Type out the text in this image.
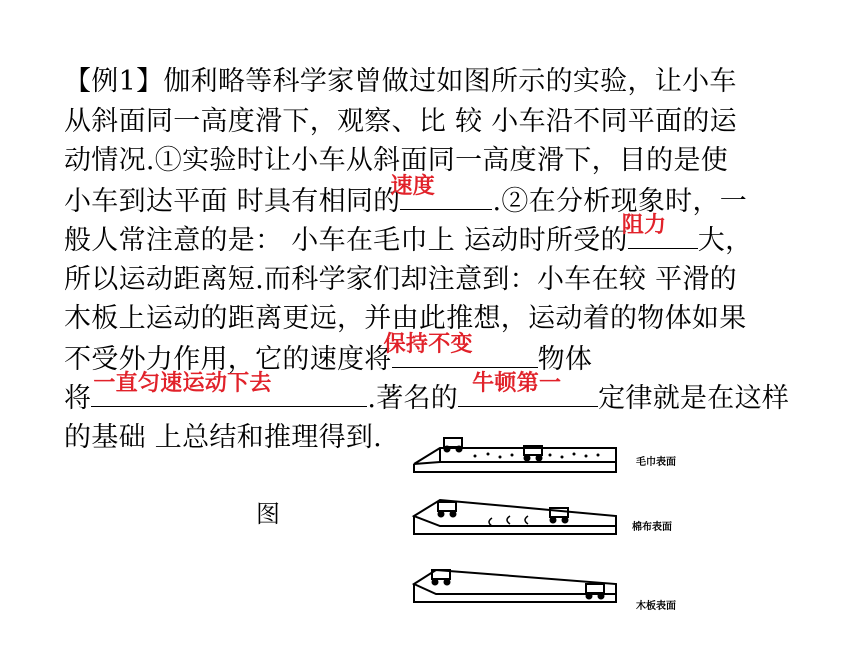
【例1】伽利略等科学家曾做过如图所示的实验，让小车
从斜面同一高度滑下，观察、比 较 小车沿不同平面的运
动情况.①实验时让小车从斜面同一高度滑下，目的是使
小车到达平面 时具有相同的
速度 .②在分析现象时，一
般人常注意的是： 小车在毛巾上 运动时所受的
阻力 大，
所以运动距离短.而科学家们却注意到：小车在较 平滑的
木板上运动的距离更远，并由此推想，运动着的物体如果
不受外力作用，它的速度将
保持不变 物体
将 一直匀速运动下去	.著名的 牛顿第一 定律就是在这样
的基础 上总结和推理得到.
图
毛巾表面
棉布表面
木板表面
